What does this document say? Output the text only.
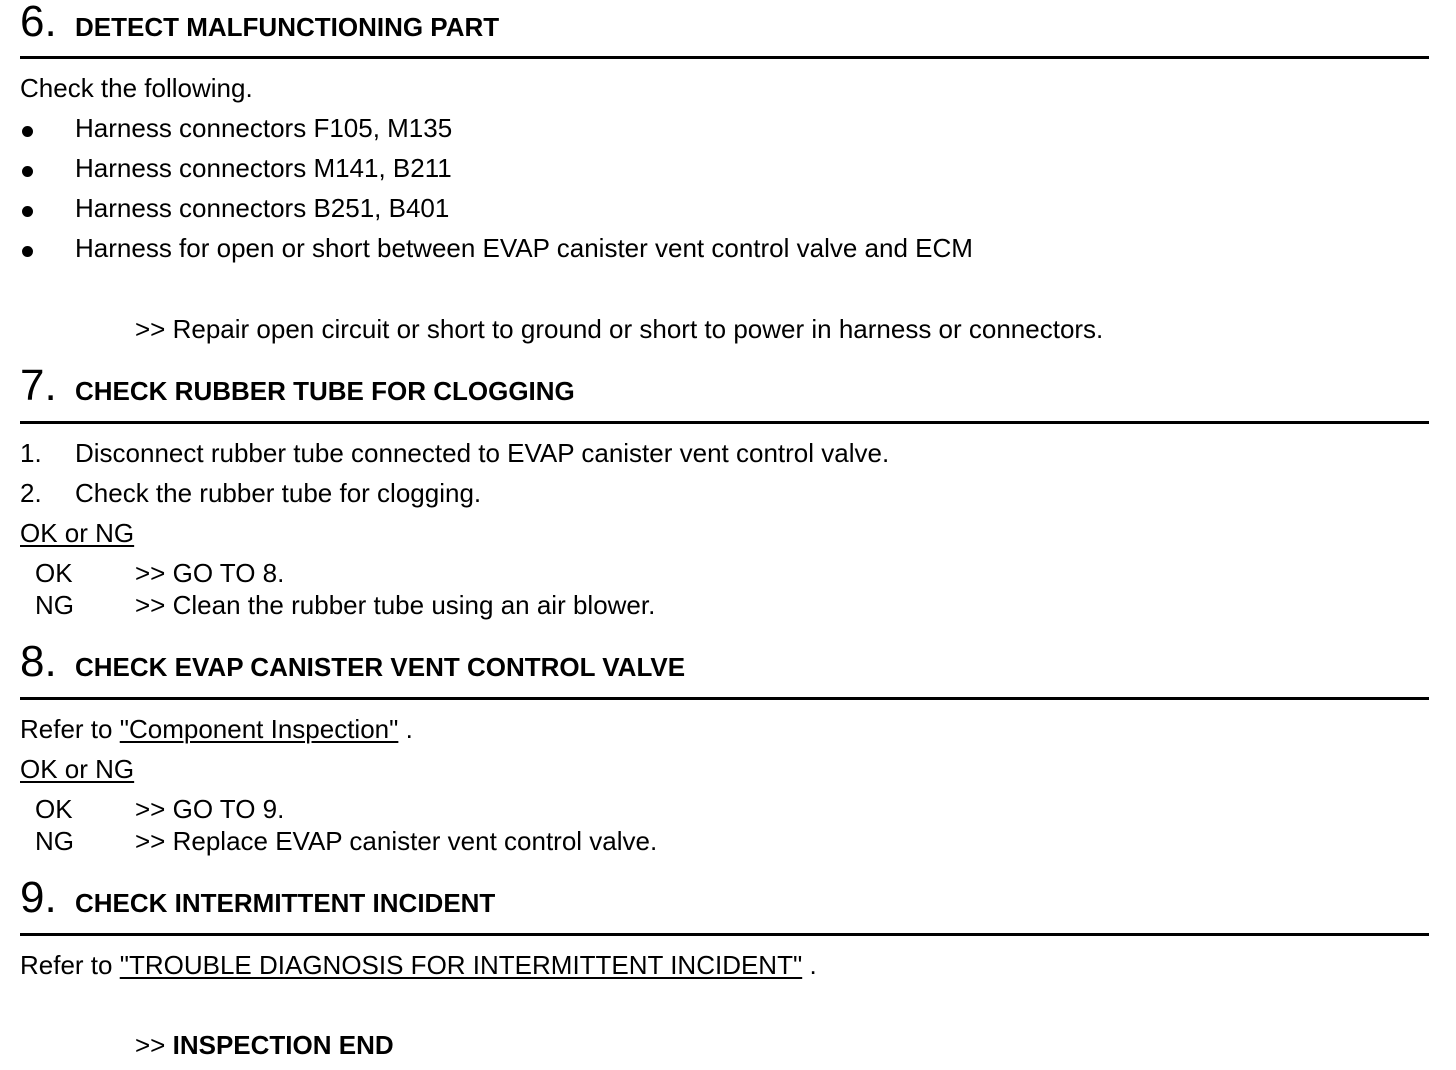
6. DETECT MALFUNCTIONING PART
Check the following.
Harness connectors F105, M135
Harness connectors M141, B211
Harness connectors B251, B401
Harness for open or short between EVAP canister vent control valve and ECM
>> Repair open circuit or short to ground or short to power in harness or connectors.
7. CHECK RUBBER TUBE FOR CLOGGING
1. Disconnect rubber tube connected to EVAP canister vent control valve.
2. Check the rubber tube for clogging.
OK or NG
OK >> GO TO 8.
NG >> Clean the rubber tube using an air blower.
8. CHECK EVAP CANISTER VENT CONTROL VALVE
Refer to "Component Inspection" .
OK or NG
OK >> GO TO 9.
NG >> Replace EVAP canister vent control valve.
9. CHECK INTERMITTENT INCIDENT
Refer to "TROUBLE DIAGNOSIS FOR INTERMITTENT INCIDENT" .
>> INSPECTION END
